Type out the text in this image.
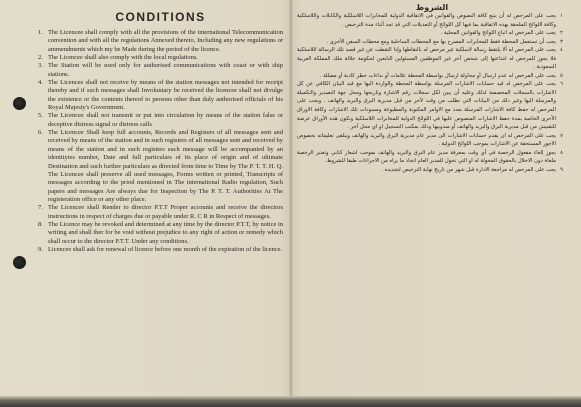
CONDITIONS
1. The Licencee shall comply with all the provisions of the international Telecommunication convention and with all the regulations Annexed thereto, Including any new regulations or ammendments which my be Made during the period of the licence.
2. The Licencee shall also comply with the local regulations.
3. The Station will be used only for authorised communications with coast or with ship stations.
4. The Licencee shall not receive by means of the station messages not intended for receipt thereby and if such messages shall Involuntary be received the licencee shall not divulge the existence or the contents thereof to persons other than duly authorised officials of his Royal Majesty's Government.
5. The Licencee shall not transmit or put into circulation by means of the station false or deceptive distress signal or distress calls
6. The Licencee Shall keep full accounts, Records and Registers of all messages sent and received by means of the station and in such registers of all messages sent and received by means of the station and in such registers each message will be accompanied by an identityies number, Date and full particulars of its place of origin and of ultimate Destination and such further particulars as directed from time to Time by The P. T. T. H. Q. The Licencee shall preserve all used messages, Forms written or printed, Transcripts of messages according to the priod mentioned in The international Radio regulation, Such papers and messages Are always due for Inspection by The P. T. T. Authorities At The registeration office or any other place.
7. The Licencee shall Render to director P.T.T Proper accounts and receive the directors instructions in respect of charges due or payable under R. C R in Respect of messages.
8. The Licence may be revoked and determined at any time by the director P.T.T, by notice in writing and shall ther for be void without prejudice to any right of action or remedy which shall occur to the director P.T.T. Under any conditions.
9. Licencee shall ask for renewal of licence before one month of the expiration of the licence.
الشروط
١
يجب على المرخص له أن يتبع كافة النصوص والقوانين في الاتفاقية الدولية للمخابرات اللاسلكية والكابلات واللاسلكية وكافة اللوائح الملحقة بهذه الاتفاقية بما فيها كل اللوائح أو التعديلات التي قد تجد أثناء مدة الترخيص .
٢
يجب على المرخص له اتباع اللوائح والقوانين المحلية .
٣
يجب أن تستعمل المحطة فقط للمخابرات المصرح بها مع المحطات الساحلية ومع محطات السفن الأخرى .
٤
يجب على المرخص له ألا يلتقط رسالة لاسلكية غير مرخص له بالتقاطها وإذا التقطت عن غير قصد تلك الرسالة اللاسلكية فلا يجوز للمرخص له اشاعتها إلى شخص آخر غير الموظفين المسئولين التابعين لحكومة جلالة ملك المملكة العربية السعودية .
٥
يجب على المرخص له عدم ارسال أو محاولة ارسال بواسطة المحطة علامات أو نداءات خطر كاذبة أو مضللة .
٦
يجب على المرخص له قيد حسابات الاشارات المرسلة بواسطة المحطة والواردة اليها مع قيد البيان الكافي عن كل الاشارات بالسجلات المخصصة لذلك وعليه أن يبين لكل سجلات رقم الاشارة وتاريخها ومحل جهة التصدير والتكميلة والمرسلة اليها وغير ذلك من البيانات التي تطلب من وقت لآخر من قبل مديرية البرق والبريد والهاتف . ويجب على المرخص له حفظ كافة الاشارات المرسلة بعدد مع الاوامر المكتوبة والمطبوعة ومسودات تلك الاشارات وكافة الاوراق الأخرى الخاصة بمدة حفظ الاشارات المنصوص عليها في اللوائح الدولية للمخابرات اللاسلكية وتكون هذه الأوراق عرضة للتفتيش من قبل مديرية البرق والبريد والهاتف أو مندوبيها وذلك بمكتب التسجيل او اي محل آخر .
٧
يجب على المرخص له ان يقدم حسابات الاشارات الى مدير عام مديرية البرق والبريد والهاتف ويتلقى تعليماته بخصوص الاجور المستحقة عن الاشارات بموجب اللوائح الدولية .
٨
يجوز إلغاء مفعول الرخصة في أي وقت بمعرفة مدير عام البرق والبريد والهاتف بموجب اشعار كتابي وتعتبر الرخصة ملغاة دون الاخلال بالحقوق المخولة له او التي تخول للمدير العام اتخاذ ما يراه من الاجراءات طبقا للشروط.
٩
يجب على المرخص له مراجعة الادارة قبل شهر من تاريخ نهاية الترخيص لتجديده .
